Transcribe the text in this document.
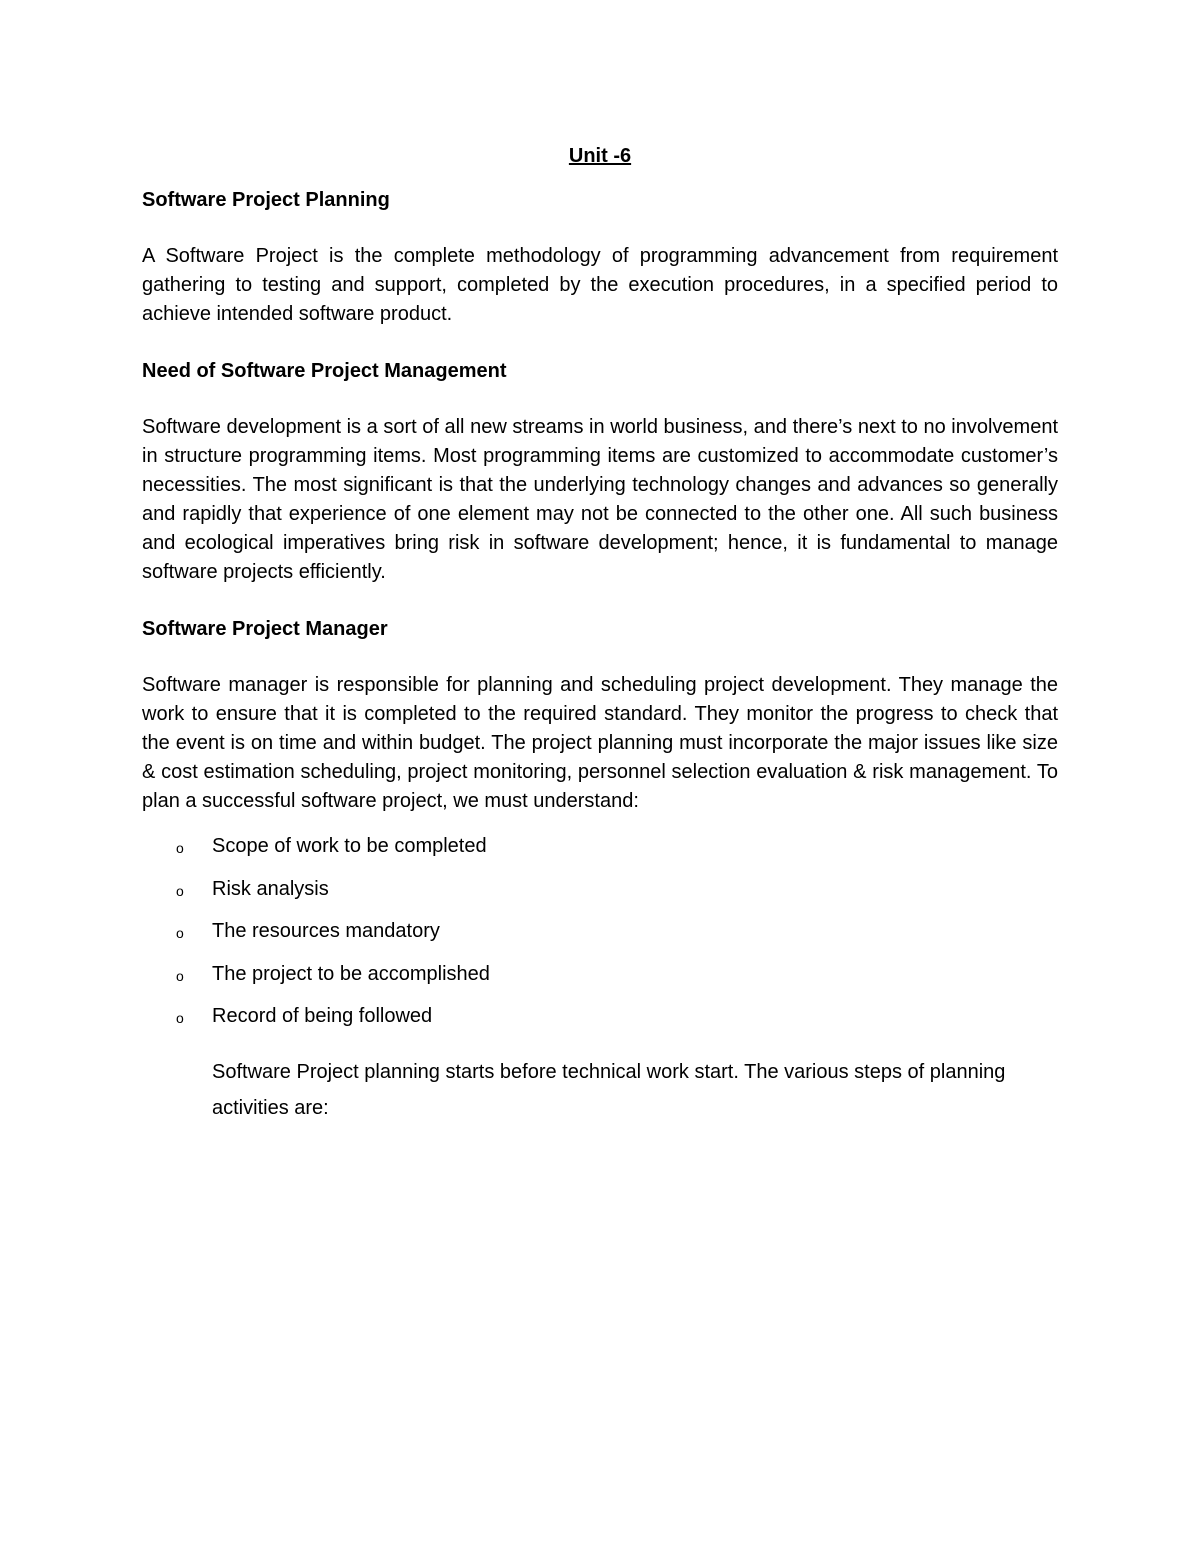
Unit -6
Software Project Planning
A Software Project is the complete methodology of programming advancement from requirement gathering to testing and support, completed by the execution procedures, in a specified period to achieve intended software product.
Need of Software Project Management
Software development is a sort of all new streams in world business, and there’s next to no involvement in structure programming items. Most programming items are customized to accommodate customer’s necessities. The most significant is that the underlying technology changes and advances so generally and rapidly that experience of one element may not be connected to the other one. All such business and ecological imperatives bring risk in software development; hence, it is fundamental to manage software projects efficiently.
Software Project Manager
Software manager is responsible for planning and scheduling project development. They manage the work to ensure that it is completed to the required standard. They monitor the progress to check that the event is on time and within budget. The project planning must incorporate the major issues like size & cost estimation scheduling, project monitoring, personnel selection evaluation & risk management. To plan a successful software project, we must understand:
o Scope of work to be completed
o Risk analysis
o The resources mandatory
o The project to be accomplished
o Record of being followed
Software Project planning starts before technical work start. The various steps of planning activities are:
